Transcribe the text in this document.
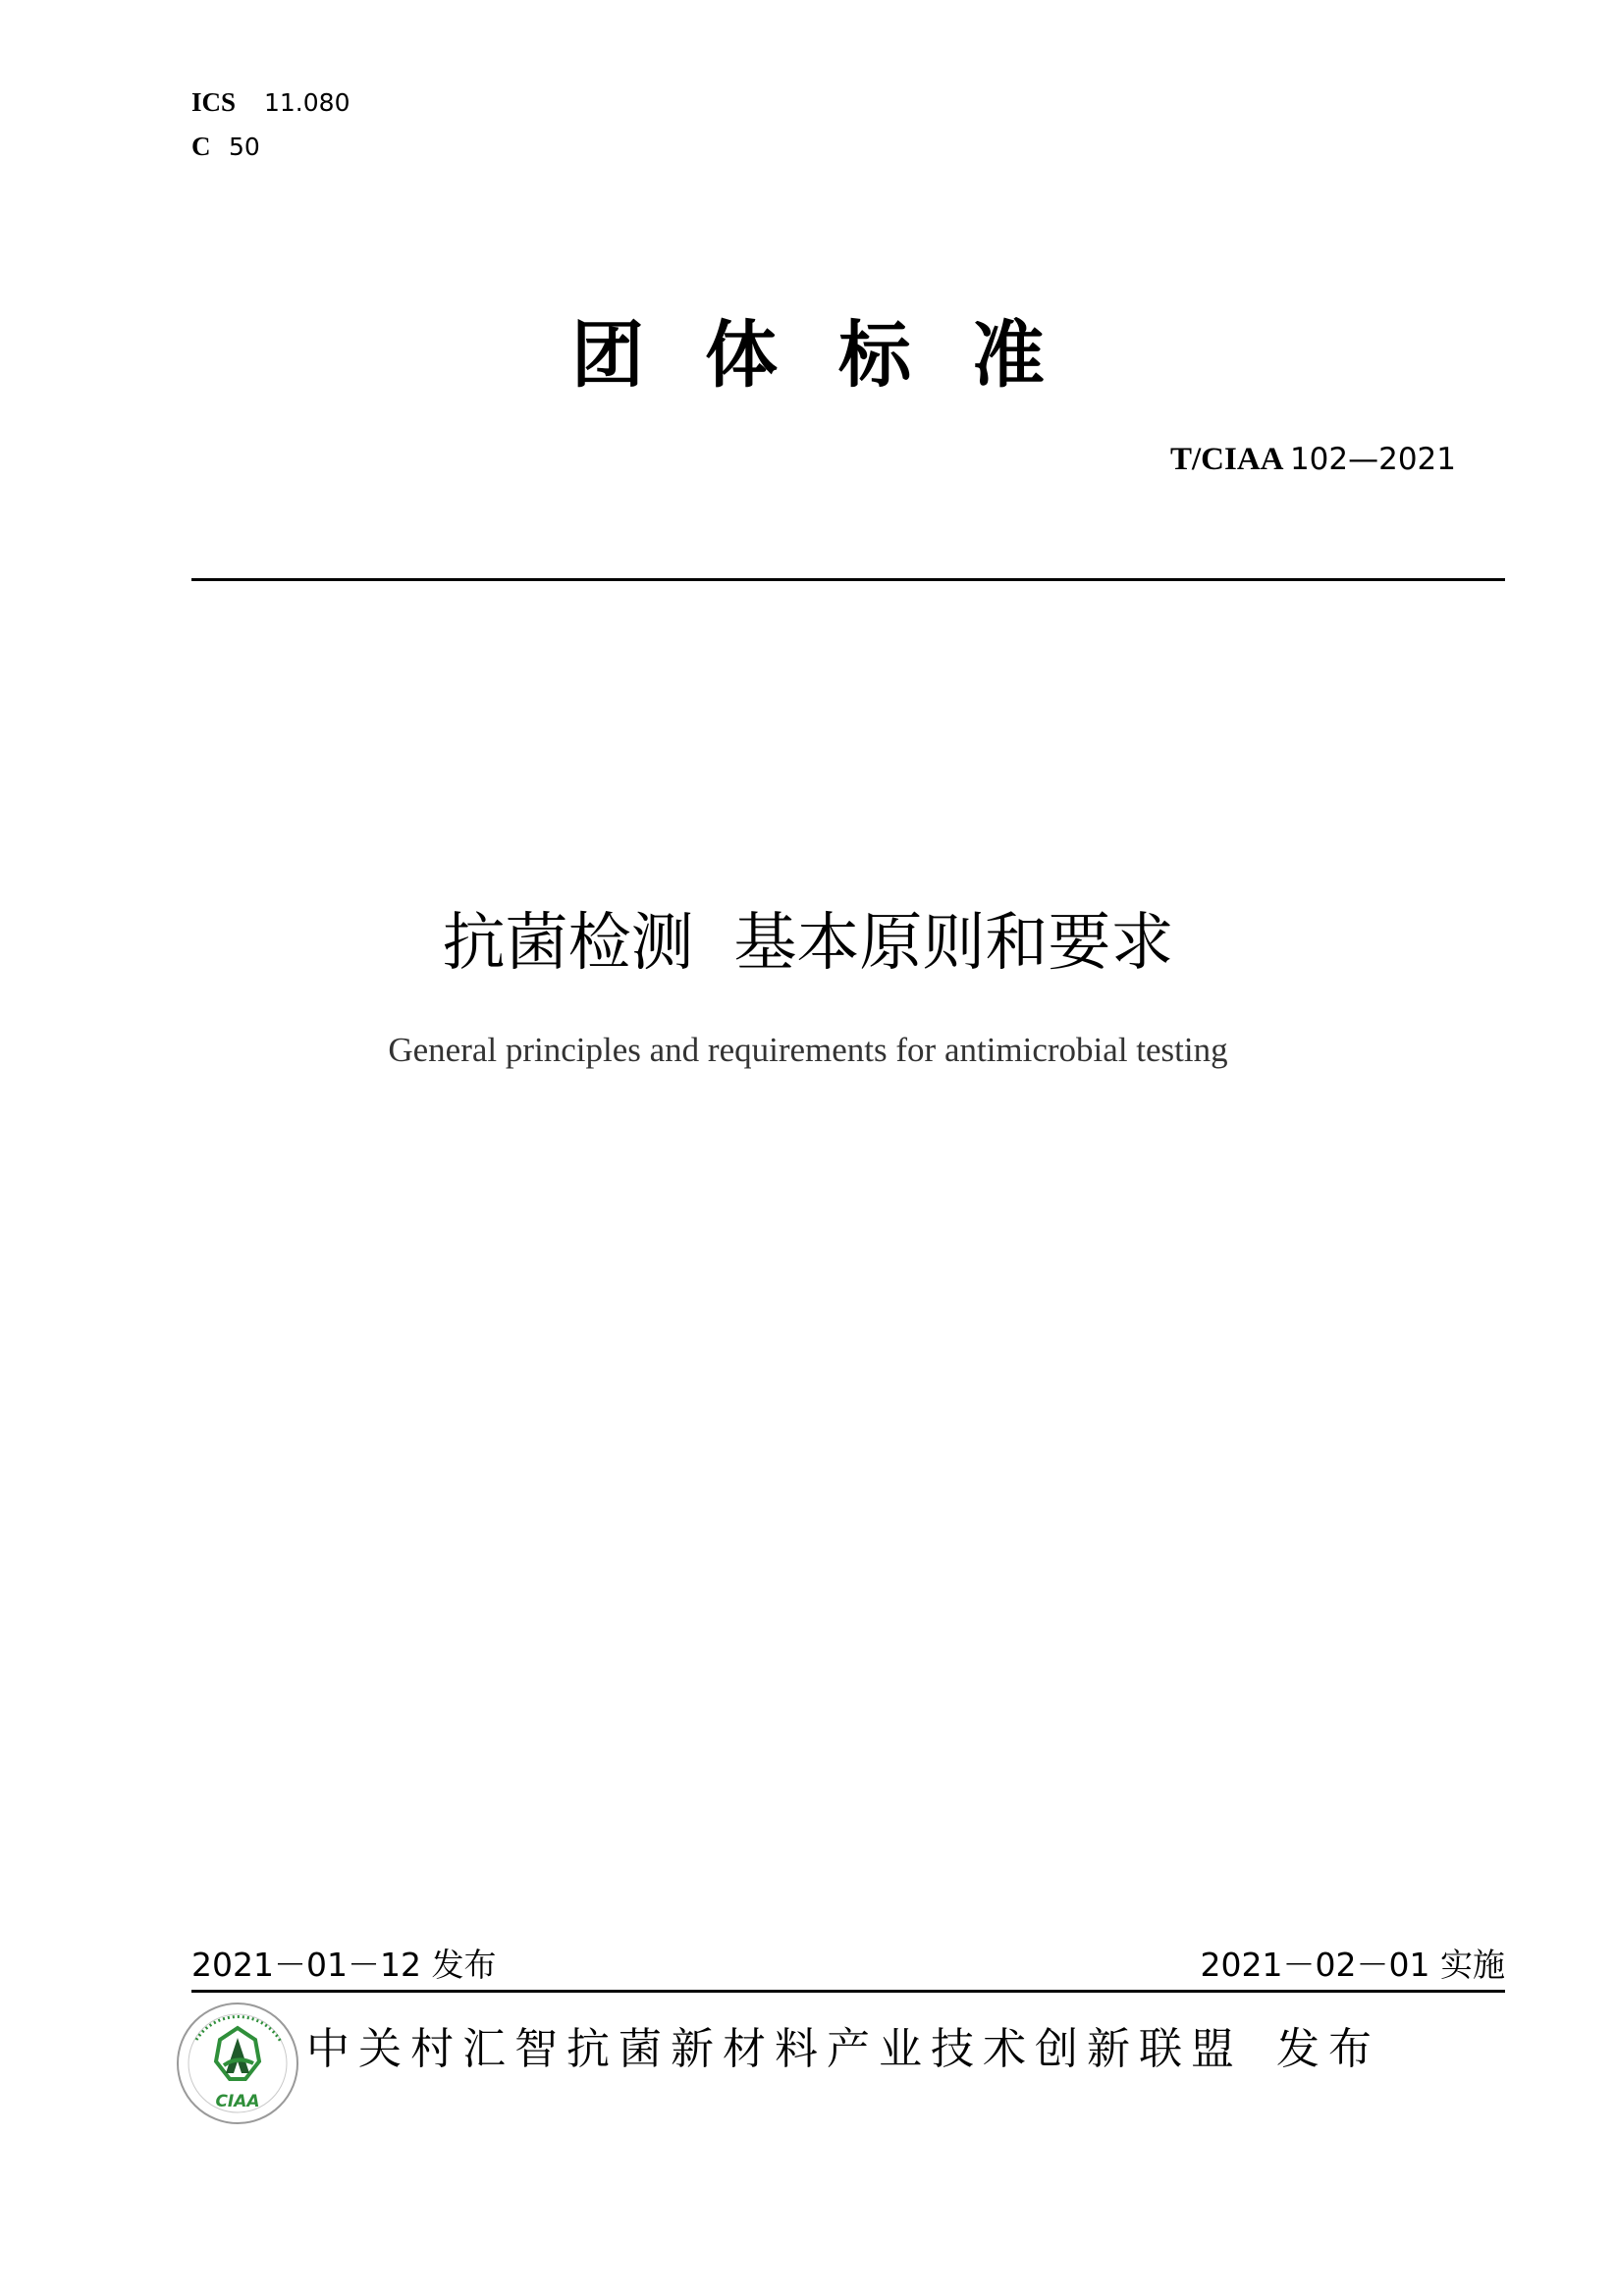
ICS 11.080
C 50
团体标准
T/CIAA 102—2021
抗菌检测  基本原则和要求
General principles and requirements for antimicrobial testing
2021－01－12 发布	2021－02－01 实施
CIAA
中关村汇智抗菌新材料产业技术创新联盟 发布
